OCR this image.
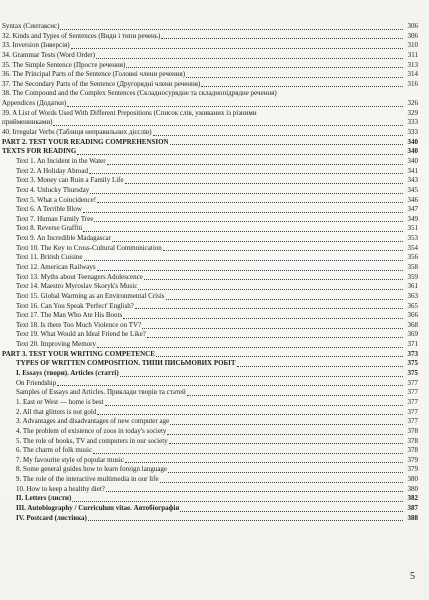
Syntax (Синтаксис)	306
32. Kinds and Types of Sentences (Види і типи речень)	306
33. Inversion (Інверсія)	310
34. Grammar Tests (Word Order)	311
35. The Simple Sentence (Просте речення)	313
36. The Principal Parts of the Sentence (Головні члени речення)	314
37. The Secondary Parts of the Sentence (Другорядні члени речення)	316
38. The Compound and the Complex Sentences (Складносурядне та складнопідрядне речення)
Appendices (Додатки)	326
39. A List of Words Used With Different Prepositions (Список слів, уживаних із різними	329
прийменниками)	333
40. Irregular Verbs (Таблиця неправильних дієслів)	333
PART 2. TEST YOUR READING COMPREHENSION	340
TEXTS FOR READING	340
Text 1. An Incident in the Water	340
Text 2. A Holiday Abroad	341
Text 3. Money can Ruin a Family Life	343
Text 4. Unlucky Thursday	345
Text 5. What a Coincidence!	346
Text 6. A Terrible Blow	347
Text 7. Human Family Tree	349
Text 8. Reverse Graffiti	351
Text 9. An Incredible Madagascar	353
Text 10. The Key to Cross-Cultural Communication	354
Text 11. British Cuisine	356
Text 12. American Railways	358
Text 13. Myths about Teenagers Adolescence	359
Text 14. Maestro Myroslav Skoryk's Music	361
Text 15. Global Warming as an Environmental Crisis	363
Text 16. Can You Speak 'Perfect' English?	365
Text 17. The Man Who Ate His Boots	366
Text 18. Is there Too Much Violence on TV?	368
Text 19. What Would an Ideal Friend be Like?	369
Text 20. Improving Memory	371
PART 3. TEST YOUR WRITING COMPETENCE	373
TYPES OF WRITTEN COMPOSITION. ТИПИ ПИСЬМОВИХ РОБІТ	375
I. Essays (твори). Articles (статті)	375
On Friendship	377
Samples of Essays and Articles. Приклади творів та статей	377
1. East or West — home is best	377
2. All that glitters is not gold	377
3. Advantages and disadvantages of new computer age	377
4. The problem of existence of zoos in today's society	378
5. The role of books, TV and computers in our society	378
6. The charm of folk music	378
7. My favourite style of popular music	379
8. Some general guides how to learn foreign language	379
9. The role of the interactive multimedia in our life	380
10. How to keep a healthy diet?	380
II. Letters (листи)	382
III. Autobiography / Curriculum vitae. Автобіографія	387
IV. Postcard (листівка)	388
5
